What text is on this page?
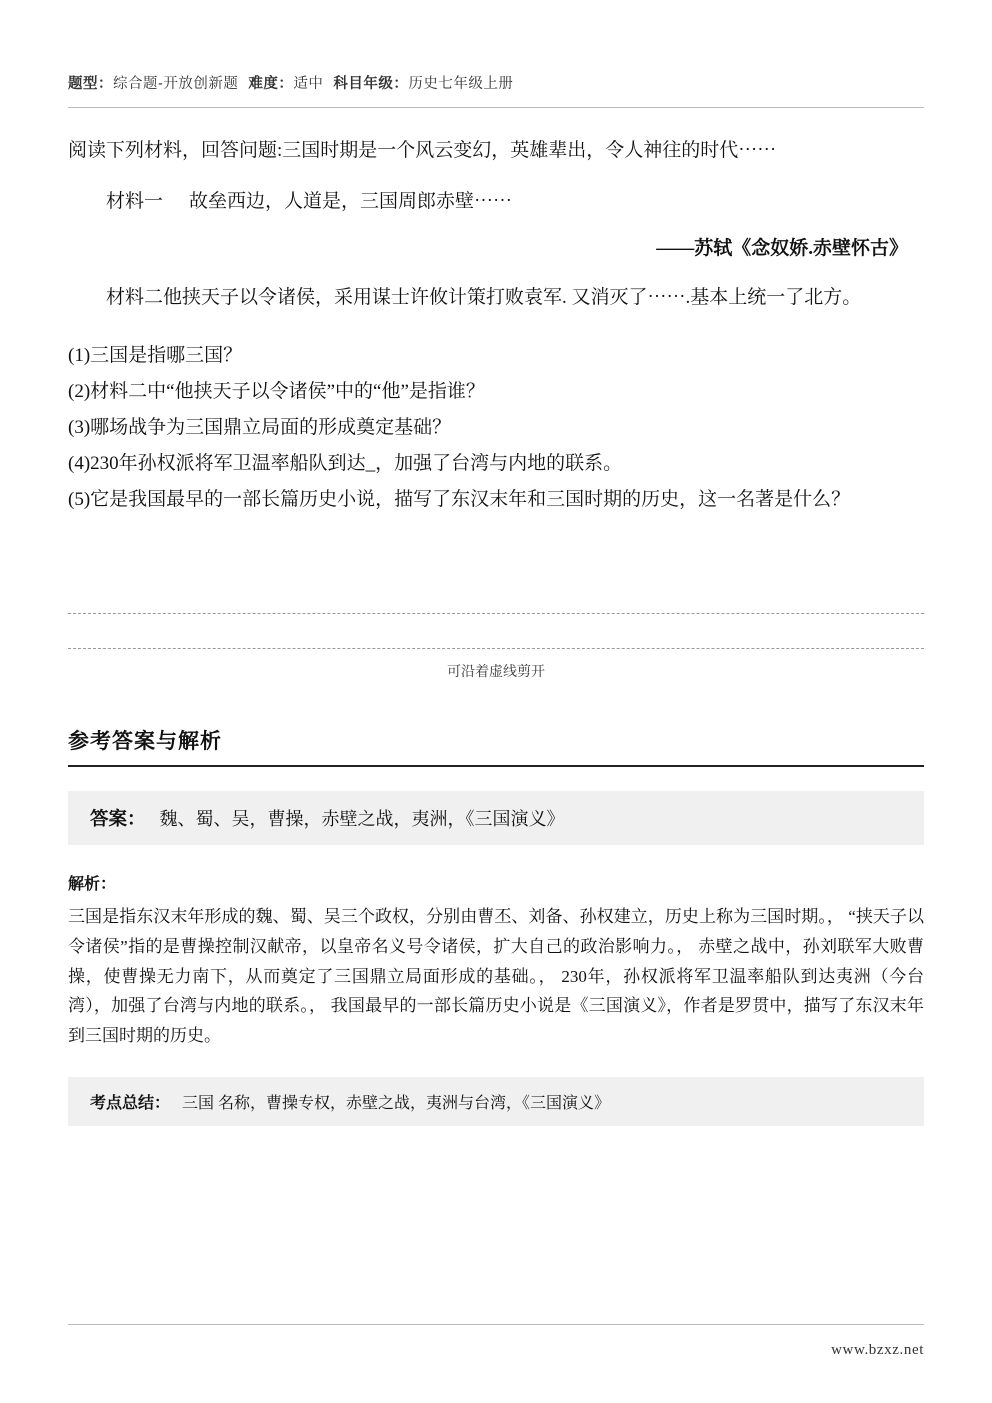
题型：综合题-开放创新题 难度：适中 科目年级：历史七年级上册
阅读下列材料，回答问题:三国时期是一个风云变幻，英雄辈出，令人神往的时代⋯⋯
材料一 故垒西边，人道是，三国周郎赤壁⋯⋯
——苏轼《念奴娇.赤壁怀古》
材料二他挟天子以令诸侯，采用谋士许攸计策打败袁军. 又消灭了⋯⋯.基本上统一了北方。
(1)三国是指哪三国？
(2)材料二中“他挟天子以令诸侯”中的“他”是指谁？
(3)哪场战争为三国鼎立局面的形成奠定基础？
(4)230年孙权派将军卫温率船队到达_，加强了台湾与内地的联系。
(5)它是我国最早的一部长篇历史小说，描写了东汉末年和三国时期的历史，这一名著是什么？
可沿着虚线剪开
参考答案与解析
答案： 魏、蜀、吴，曹操，赤壁之战，夷洲，《三国演义》
解析：
三国是指东汉末年形成的魏、蜀、吴三个政权，分别由曹丕、刘备、孙权建立，历史上称为三国时期。， “挟天子以令诸侯”指的是曹操控制汉献帝，以皇帝名义号令诸侯，扩大自己的政治影响力。， 赤壁之战中，孙刘联军大败曹操，使曹操无力南下，从而奠定了三国鼎立局面形成的基础。， 230年，孙权派将军卫温率船队到达夷洲（今台湾），加强了台湾与内地的联系。， 我国最早的一部长篇历史小说是《三国演义》，作者是罗贯中，描写了东汉末年到三国时期的历史。
考点总结： 三国 名称，曹操专权，赤壁之战，夷洲与台湾，《三国演义》
www.bzxz.net
